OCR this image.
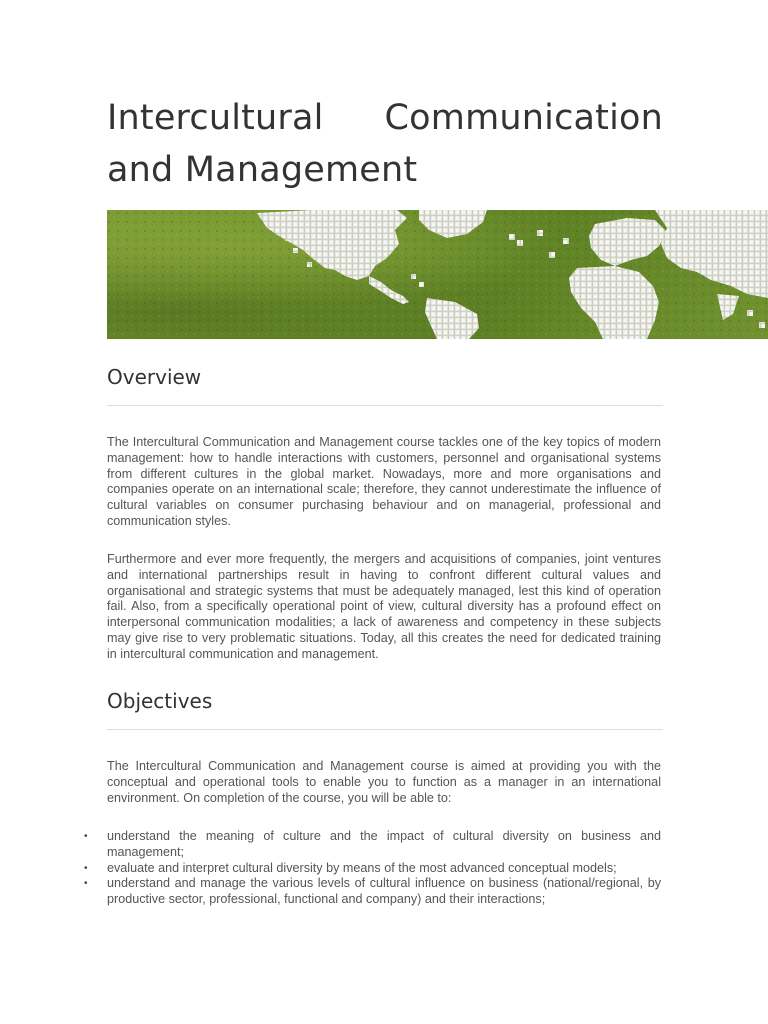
Intercultural Communication and Management
Overview

The Intercultural Communication and Management course tackles one of the key topics of modern management: how to handle interactions with customers, personnel and organisational systems from different cultures in the global market. Nowadays, more and more organisations and companies operate on an international scale; therefore, they cannot underestimate the influence of cultural variables on consumer purchasing behaviour and on managerial, professional and communication styles.

Furthermore and ever more frequently, the mergers and acquisitions of companies, joint ventures and international partnerships result in having to confront different cultural values and organisational and strategic systems that must be adequately managed, lest this kind of operation fail. Also, from a specifically operational point of view, cultural diversity has a profound effect on interpersonal communication modalities; a lack of awareness and competency in these subjects may give rise to very problematic situations. Today, all this creates the need for dedicated training in intercultural communication and management.

Objectives

The Intercultural Communication and Management course is aimed at providing you with the conceptual and operational tools to enable you to function as a manager in an international environment. On completion of the course, you will be able to:

•	understand the meaning of culture and the impact of cultural diversity on business and management;
•	evaluate and interpret cultural diversity by means of the most advanced conceptual models;
•	understand and manage the various levels of cultural influence on business (national/regional, by productive sector, professional, functional and company) and their interactions;
